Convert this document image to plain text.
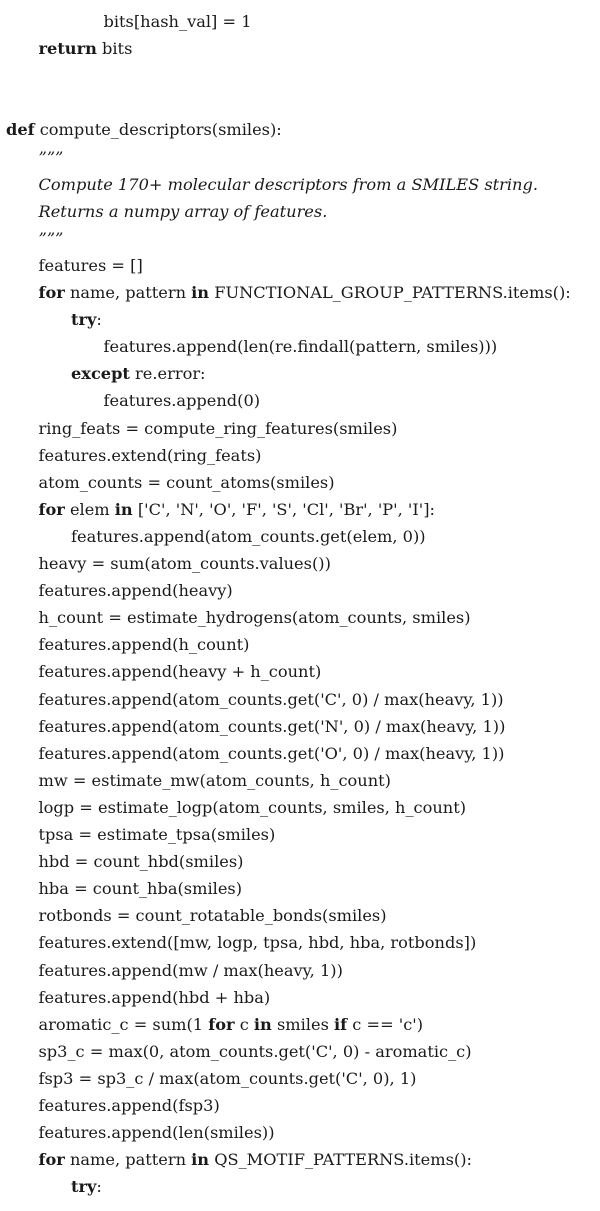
bits[hash_val] = 1
return bits
def compute_descriptors(smiles):
”””
Compute 170+ molecular descriptors from a SMILES string.
Returns a numpy array of features.
”””
features = []
for name, pattern in FUNCTIONAL_GROUP_PATTERNS.items():
try:
features.append(len(re.findall(pattern, smiles)))
except re.error:
features.append(0)
ring_feats = compute_ring_features(smiles)
features.extend(ring_feats)
atom_counts = count_atoms(smiles)
for elem in ['C', 'N', 'O', 'F', 'S', 'Cl', 'Br', 'P', 'I']:
features.append(atom_counts.get(elem, 0))
heavy = sum(atom_counts.values())
features.append(heavy)
h_count = estimate_hydrogens(atom_counts, smiles)
features.append(h_count)
features.append(heavy + h_count)
features.append(atom_counts.get('C', 0) / max(heavy, 1))
features.append(atom_counts.get('N', 0) / max(heavy, 1))
features.append(atom_counts.get('O', 0) / max(heavy, 1))
mw = estimate_mw(atom_counts, h_count)
logp = estimate_logp(atom_counts, smiles, h_count)
tpsa = estimate_tpsa(smiles)
hbd = count_hbd(smiles)
hba = count_hba(smiles)
rotbonds = count_rotatable_bonds(smiles)
features.extend([mw, logp, tpsa, hbd, hba, rotbonds])
features.append(mw / max(heavy, 1))
features.append(hbd + hba)
aromatic_c = sum(1 for c in smiles if c == 'c')
sp3_c = max(0, atom_counts.get('C', 0) - aromatic_c)
fsp3 = sp3_c / max(atom_counts.get('C', 0), 1)
features.append(fsp3)
features.append(len(smiles))
for name, pattern in QS_MOTIF_PATTERNS.items():
try:
